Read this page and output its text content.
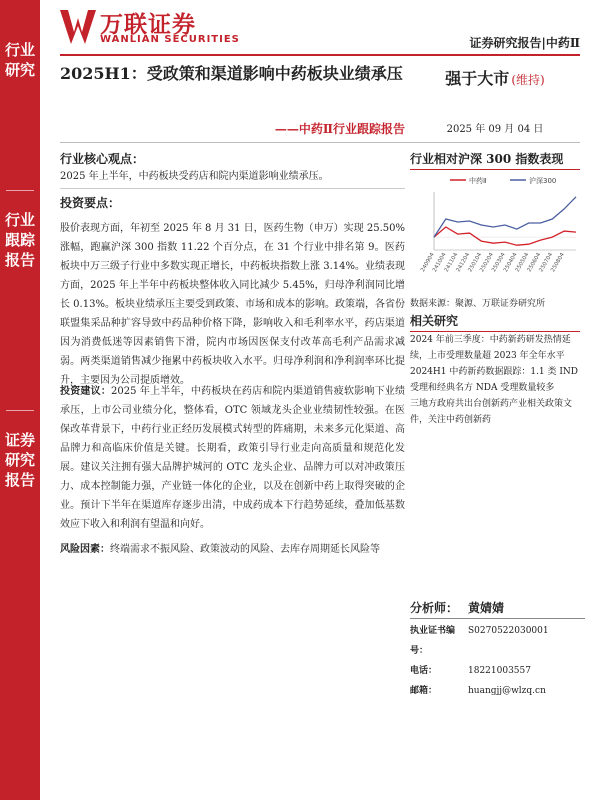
行业研究
行业跟踪报告
证券研究报告
万联证券
WANLIAN SECURITIES	证券研究报告|中药Ⅱ
2025H1：受政策和渠道影响中药板块业绩承压
——中药Ⅱ行业跟踪报告
强于大市 (维持)
2025 年 09 月 04 日
行业核心观点：

2025 年上半年，中药板块受药店和院内渠道影响业绩承压。

投资要点：

股价表现方面，年初至 2025 年 8 月 31 日，医药生物（申万）实现 25.50%涨幅，跑赢沪深 300 指数 11.22 个百分点，在 31 个行业中排名第 9。医药板块中万三级子行业中多数实现正增长，中药板块指数上涨 3.14%。业绩表现方面，2025 年上半年中药板块整体收入同比减少 5.45%，归母净利润同比增长 0.13%。板块业绩承压主要受到政策、市场和成本的影响。政策端，各省份联盟集采品种扩容导致中药品种价格下降，影响收入和毛利率水平，药店渠道因为消费低迷等因素销售下滑，院内市场因医保支付改革高毛利产品需求减弱。两类渠道销售减少拖累中药板块收入水平。归母净利润和净利润率环比提升，主要因为公司提质增效。

投资建议：2025 年上半年，中药板块在药店和院内渠道销售疲软影响下业绩承压，上市公司业绩分化，整体看，OTC 领域龙头企业业绩韧性较强。在医保改革背景下，中药行业正经历发展模式转型的阵痛期，未来多元化渠道、高品牌力和高临床价值是关键。长期看，政策引导行业走向高质量和规范化发展。建议关注拥有强大品牌护城河的 OTC 龙头企业、品牌力可以对冲政策压力、成本控制能力强，产业链一体化的企业，以及在创新中药上取得突破的企业。预计下半年在渠道库存逐步出清，中成药成本下行趋势延续，叠加低基数效应下收入和利润有望温和向好。

风险因素：终端需求不振风险、政策波动的风险、去库存周期延长风险等

行业相对沪深 300 指数表现
中药Ⅱ	沪深300
240904
241004
241104
241204
250104
250204
250304
250404
250504
250604
250704
250804
数据来源：聚源、万联证券研究所
相关研究
2024 年前三季度：中药新药研发热情延续，上市受理数量超 2023 年全年水平
2024H1 中药新药数据跟踪：1.1 类 IND 受理和经典名方 NDA 受理数量较多
三地方政府共出台创新药产业相关政策文件，关注中药创新药
分析师： 黄婧婧
执业证书编号：
S0270522030001
电话：	18221003557
邮箱：	huangjj@wlzq.cn
